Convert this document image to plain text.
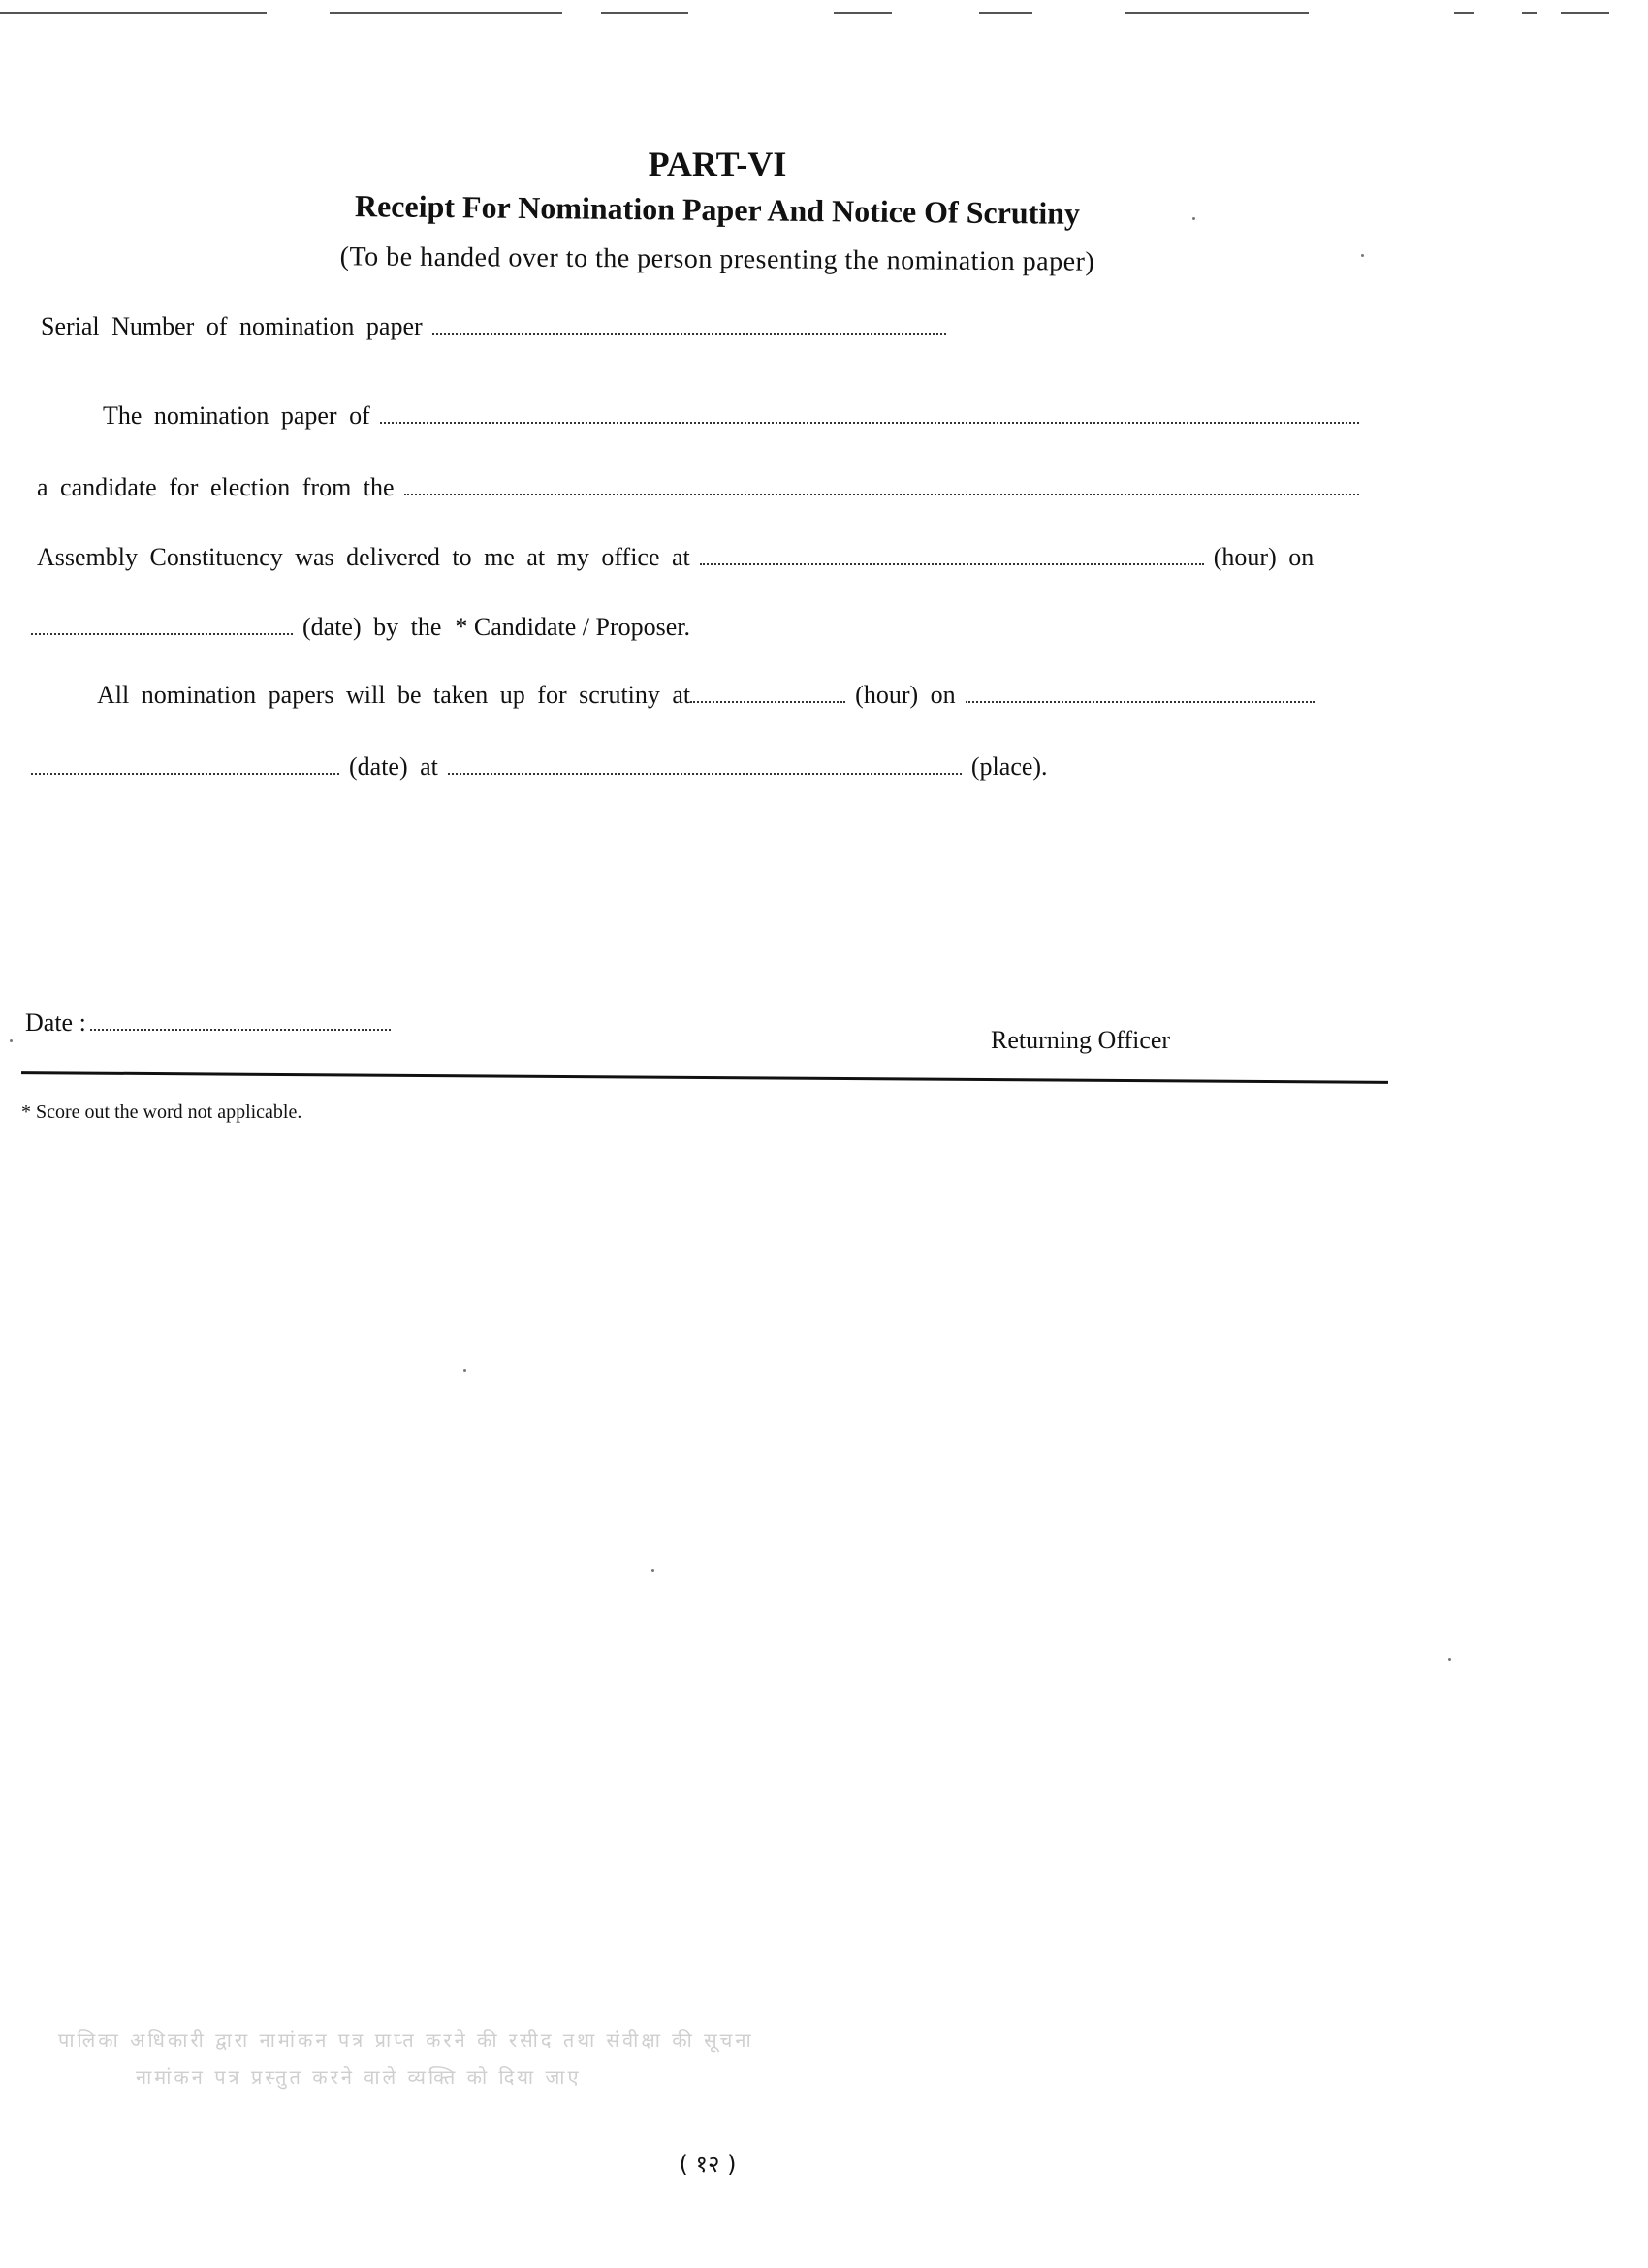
PART-VI
Receipt For Nomination Paper And Notice Of Scrutiny
(To be handed over to the person presenting the nomination paper)
Serial Number of nomination paper
The nomination paper of
a candidate for election from the
Assembly Constituency was delivered to me at my office at	(hour) on
(date) by the * Candidate / Proposer.
All nomination papers will be taken up for scrutiny at	(hour) on
(date) at	(place).
Date :
Returning Officer
* Score out the word not applicable.
पालिका अधिकारी द्वारा नामांकन पत्र प्राप्त करने की रसीद तथा संवीक्षा की सूचना
नामांकन पत्र प्रस्तुत करने वाले व्यक्ति को दिया जाए
( १२ )
